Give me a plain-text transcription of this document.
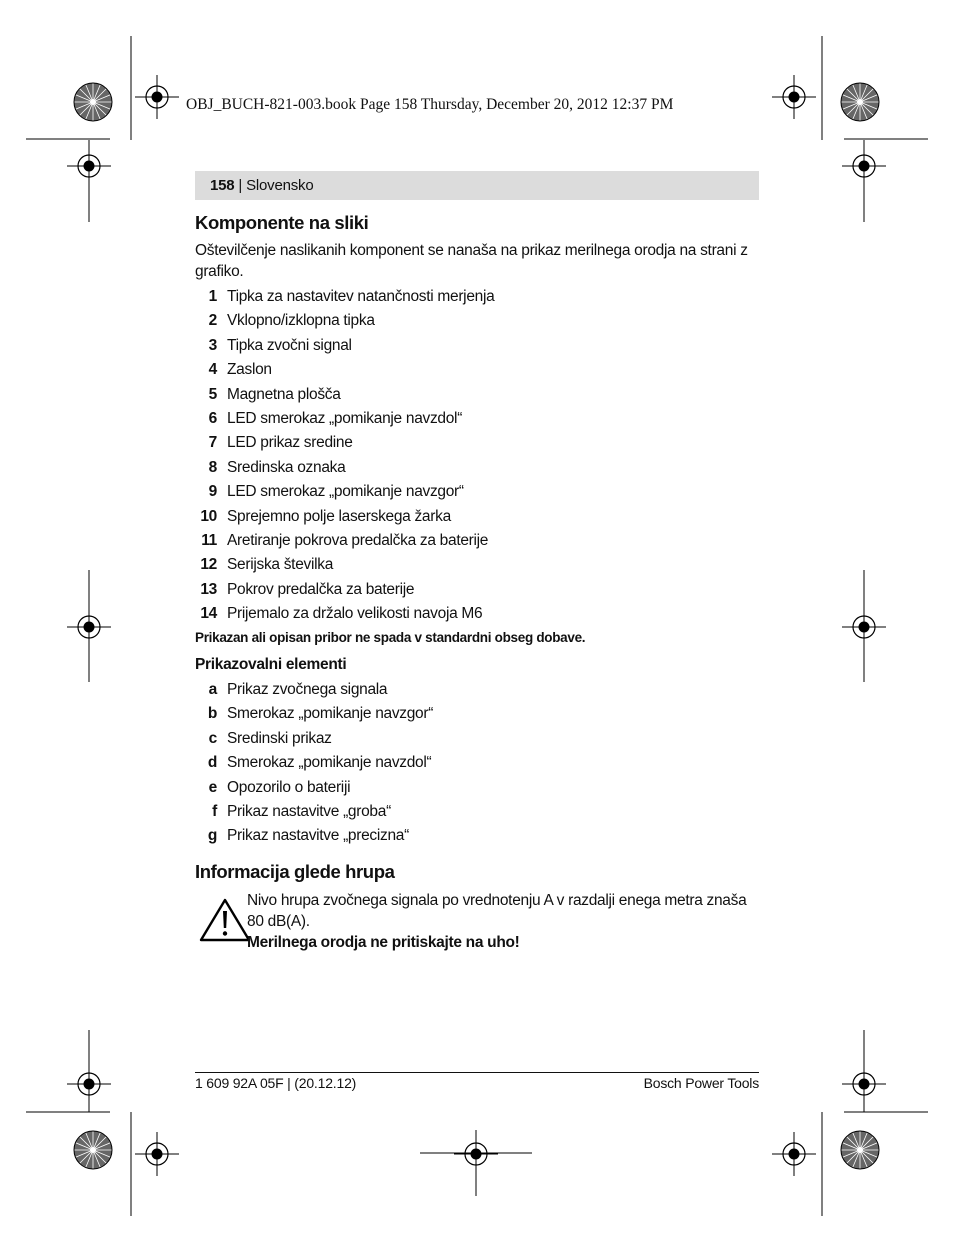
OBJ_BUCH-821-003.book Page 158 Thursday, December 20, 2012 12:37 PM
158 | Slovensko
Komponente na sliki

Oštevilčenje naslikanih komponent se nanaša na prikaz merilnega orodja na strani z grafiko.

1 Tipka za nastavitev natančnosti merjenja
2 Vklopno/izklopna tipka
3 Tipka zvočni signal
4 Zaslon
5 Magnetna plošča
6 LED smerokaz „pomikanje navzdol“
7 LED prikaz sredine
8 Sredinska oznaka
9 LED smerokaz „pomikanje navzgor“
10 Sprejemno polje laserskega žarka
11 Aretiranje pokrova predalčka za baterije
12 Serijska številka
13 Pokrov predalčka za baterije
14 Prijemalo za držalo velikosti navoja M6
Prikazan ali opisan pribor ne spada v standardni obseg dobave.
Prikazovalni elementi
a Prikaz zvočnega signala
b Smerokaz „pomikanje navzgor“
c Sredinski prikaz
d Smerokaz „pomikanje navzdol“
e Opozorilo o bateriji
f Prikaz nastavitve „groba“
g Prikaz nastavitve „precizna“
Informacija glede hrupa
Nivo hrupa zvočnega signala po vrednotenju A v razdalji enega metra znaša 80 dB(A).
Merilnega orodja ne pritiskajte na uho!
1 609 92A 05F | (20.12.12)	Bosch Power Tools
